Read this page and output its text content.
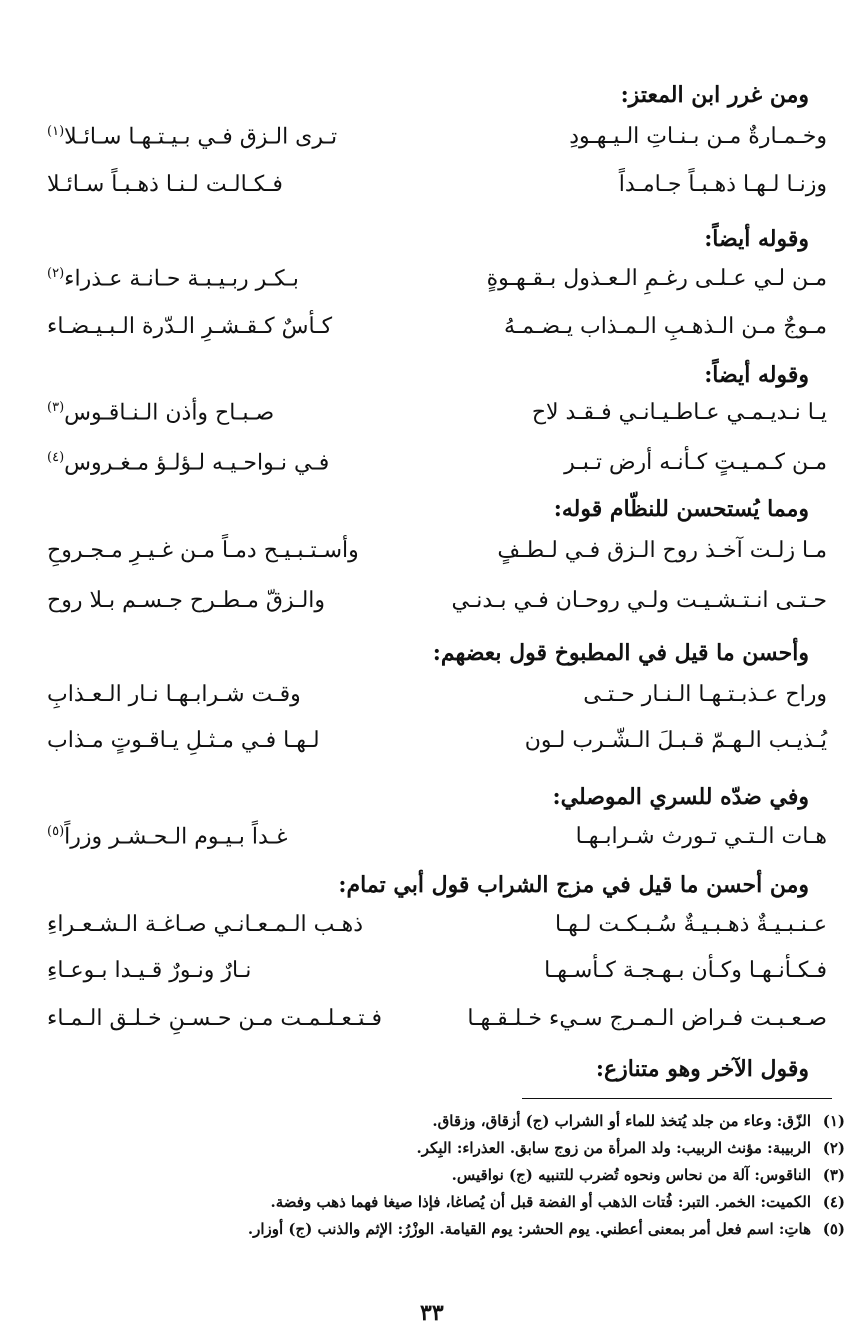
ومن غرر ابن المعتز:
وخـمـارةٌ مـن بـنـاتِ الـيـهـودِ
تـرى الـزق فـي بـيـتـهـا سـائـلا$^{(١)}$
وزنـا لـهـا ذهـبـاً جـامـداً
فـكـالـت لـنـا ذهـبـاً سـائـلا
وقوله أيضاً:
مـن لـي عـلـى رغـمِ الـعـذول بـقـهـوةٍ
بـكـر ربـيـبـة حـانـة عـذراء$^{(٢)}$
مـوجٌ مـن الـذهـبِ الـمـذاب يـضـمـهُ
كـأسٌ كـقـشـرِ الـدّرة الـبـيـضـاء
وقوله أيضاً:
يـا نـديـمـي عـاطـيـانـي فـقـد لاح
صـبـاح وأذن الـنـاقـوس$^{(٣)}$
مـن كـمـيـتٍ كـأنـه أرض تـبـر
فـي نـواحـيـه لـؤلـؤ مـغـروس$^{(٤)}$
ومما يُستحسن للنظّام قوله:
مـا زلـت آخـذ روح الـزق فـي لـطـفٍ
وأسـتـبـيـح دمـاً مـن غـيـرِ مـجـروحِ
حـتـى انـتـشـيـت ولـي روحـان فـي بـدنـي
والـزقّ مـطـرح جـسـم بـلا روح
وأحسن ما قيل في المطبوخ قول بعضهم:
وراح عـذبـتـهـا الـنـار حـتـى
وقـت شـرابـهـا نـار الـعـذابِ
يُـذيـب الـهـمّ قـبـلَ الـشّـرب لـون
لـهـا فـي مـثـلِ يـاقـوتٍ مـذاب
وفي ضدّه للسري الموصلي:
هـات الـتـي تـورث شـرابـهـا
غـداً بـيـوم الـحـشـر وزراً$^{(٥)}$
ومن أحسن ما قيل في مزج الشراب قول أبي تمام:
عـنـبـيـةٌ ذهـبـيـةٌ سُـبـكـت لـهـا
ذهـب الـمـعـانـي صـاغـة الـشـعـراءِ
فـكـأنـهـا وكـأن بـهـجـة كـأسـهـا
نـارٌ ونـورٌ قـيـدا بـوعـاءِ
صـعـبـت فـراض الـمـرج سـيء خـلـقـهـا
فـتـعـلـمـت مـن حـسـنِ خـلـق الـمـاء
وقول الآخر وهو متنازع:
(١)الزّق: وعاء من جلد يُتخذ للماء أو الشراب (ج) أزقاق، وزقاق.
(٢)الربيبة: مؤنث الربيب: ولد المرأة من زوج سابق. العذراء: البِكر.
(٣)الناقوس: آلة من نحاس ونحوه تُضرب للتنبيه (ج) نواقيس.
(٤)الكميت: الخمر. التبر: فُتات الذهب أو الفضة قبل أن يُصاغا، فإذا صيغا فهما ذهب وفضة.
(٥)هاتِ: اسم فعل أمر بمعنى أعطني. يوم الحشر: يوم القيامة. الوزْرُ: الإثم والذنب (ج) أوزار.
٣٣
